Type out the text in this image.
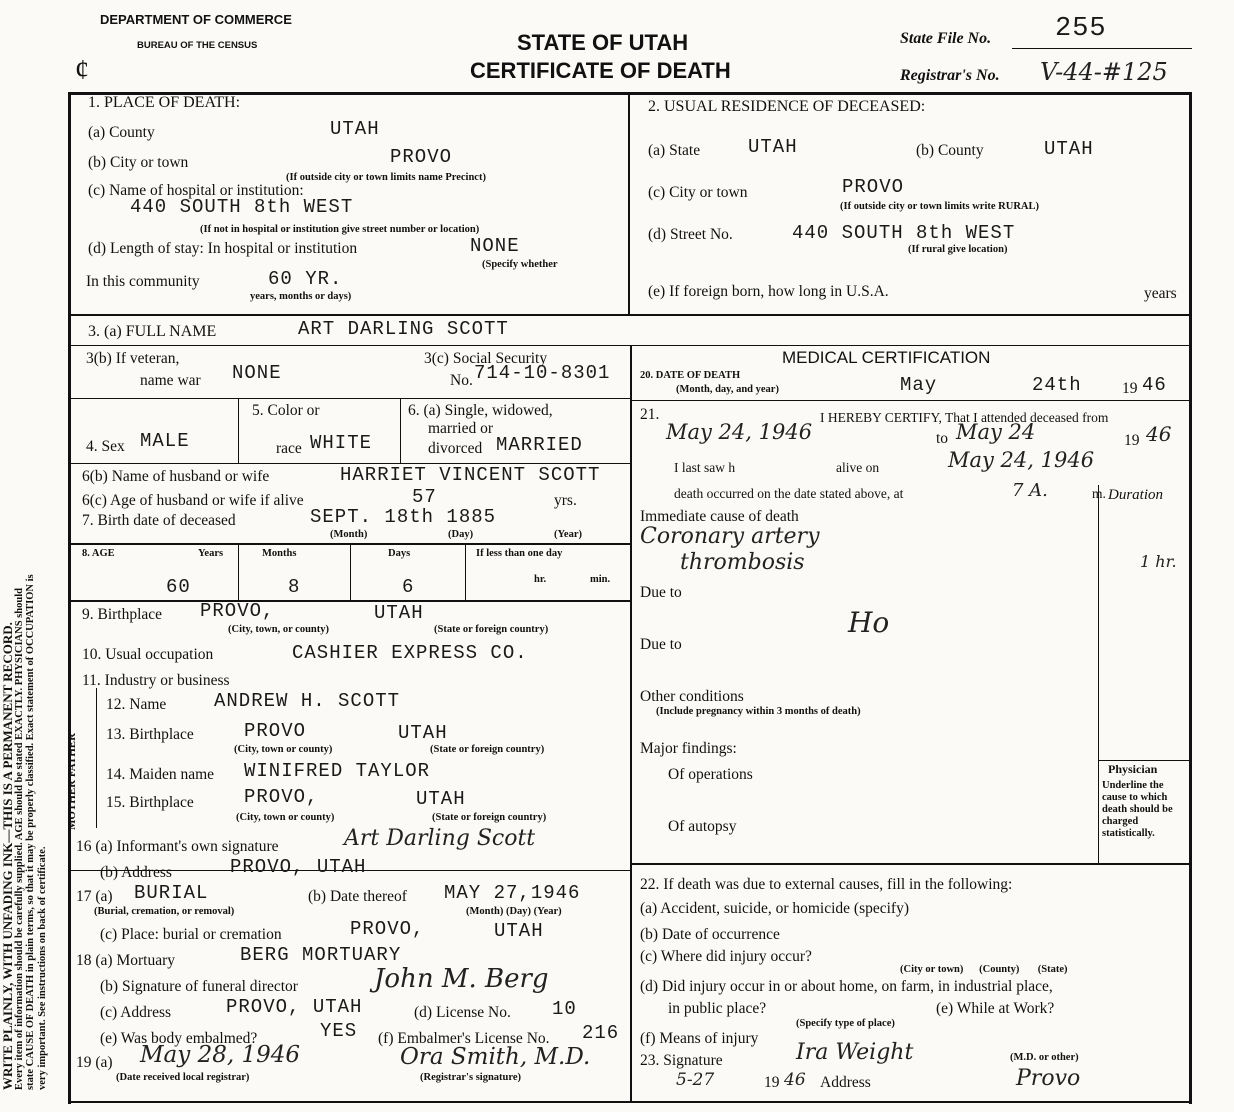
WRITE PLAINLY, WITH UNFADING INK—THIS IS A PERMANENT RECORD.
Every item of information should be carefully supplied. AGE should be stated EXACTLY. PHYSICIANS should state CAUSE OF DEATH in plain terms, so that it may be properly classified. Exact statement of OCCUPATION is very important. See instructions on back of certificate.
DEPARTMENT OF COMMERCE
BUREAU OF THE CENSUS
¢
STATE OF UTAH
CERTIFICATE OF DEATH
State File No. 255
Registrar's No. V-44-#125
1. PLACE OF DEATH:
(a) County	UTAH
(b) City or town	PROVO
(If outside city or town limits name Precinct)
(c) Name of hospital or institution:
440 SOUTH 8th WEST
(If not in hospital or institution give street number or location)
(d) Length of stay: In hospital or institution	NONE
(Specify whether
In this community	60 YR.
years, months or days)
2. USUAL RESIDENCE OF DECEASED:
(a) State	UTAH	(b) County	UTAH
(c) City or town	PROVO
(If outside city or town limits write RURAL)
(d) Street No.	440 SOUTH 8th WEST
(If rural give location)
(e) If foreign born, how long in U.S.A.	years
3. (a) FULL NAME	ART DARLING SCOTT
3(b) If veteran,
name war NONE
3(c) Social Security
No. 714-10-8301
MEDICAL CERTIFICATION
20. DATE OF DEATH
(Month, day, and year)	May	24th	19 46
4. Sex MALE
5. Color or
race WHITE
6. (a) Single, widowed,
married or
divorced MARRIED
21.	I HEREBY CERTIFY, That I attended deceased from
May 24, 1946	to May 24	19 46
I last saw h	alive on	May 24, 1946
death occurred on the date stated above, at	7 A.	m. Duration
6(b) Name of husband or wife	HARRIET VINCENT SCOTT
6(c) Age of husband or wife if alive	57	yrs.
7. Birth date of deceased	SEPT. 18th 1885
(Month)	(Day)	(Year)
Immediate cause of death
Coronary artery
thrombosis	1 hr.
8. AGE	Years	Months	Days	If less than one day
60	8	6	hr.	min.
Due to
Ho
Due to
9. Birthplace PROVO,	UTAH
(City, town, or county)	(State or foreign country)
10. Usual occupation	CASHIER EXPRESS CO.
11. Industry or business
MOTHER FATHER
12. Name	ANDREW H. SCOTT
13. Birthplace	PROVO	UTAH
(City, town or county)	(State or foreign country)
14. Maiden name WINIFRED TAYLOR
15. Birthplace	PROVO,	UTAH
(City, town or county)	(State or foreign country)
Other conditions
(Include pregnancy within 3 months of death)
Major findings:
Of operations
Of autopsy
Physician
Underline the cause to which death should be charged statistically.
16 (a) Informant's own signature	Art Darling Scott
(b) Address	PROVO, UTAH
17 (a) BURIAL
(Burial, cremation, or removal)
(b) Date thereof MAY 27,1946
(Month) (Day) (Year)
(c) Place: burial or cremation	PROVO,	UTAH
18 (a) Mortuary	BERG MORTUARY
(b) Signature of funeral director	John M. Berg
(c) Address	PROVO, UTAH	(d) License No. 10
(e) Was body embalmed?	YES (f) Embalmer's License No. 216
19 (a) May 28, 1946
(Date received local registrar)
Ora Smith, M.D.
(Registrar's signature)
22. If death was due to external causes, fill in the following:
(a) Accident, suicide, or homicide (specify)
(b) Date of occurrence
(c) Where did injury occur?
(City or town)      (County)       (State)
(d) Did injury occur in or about home, on farm, in industrial place,
in public place?	(e) While at Work?
(Specify type of place)
(f) Means of injury
23. Signature	Ira Weight	(M.D. or other)
5-27	19 46 Address	Provo
